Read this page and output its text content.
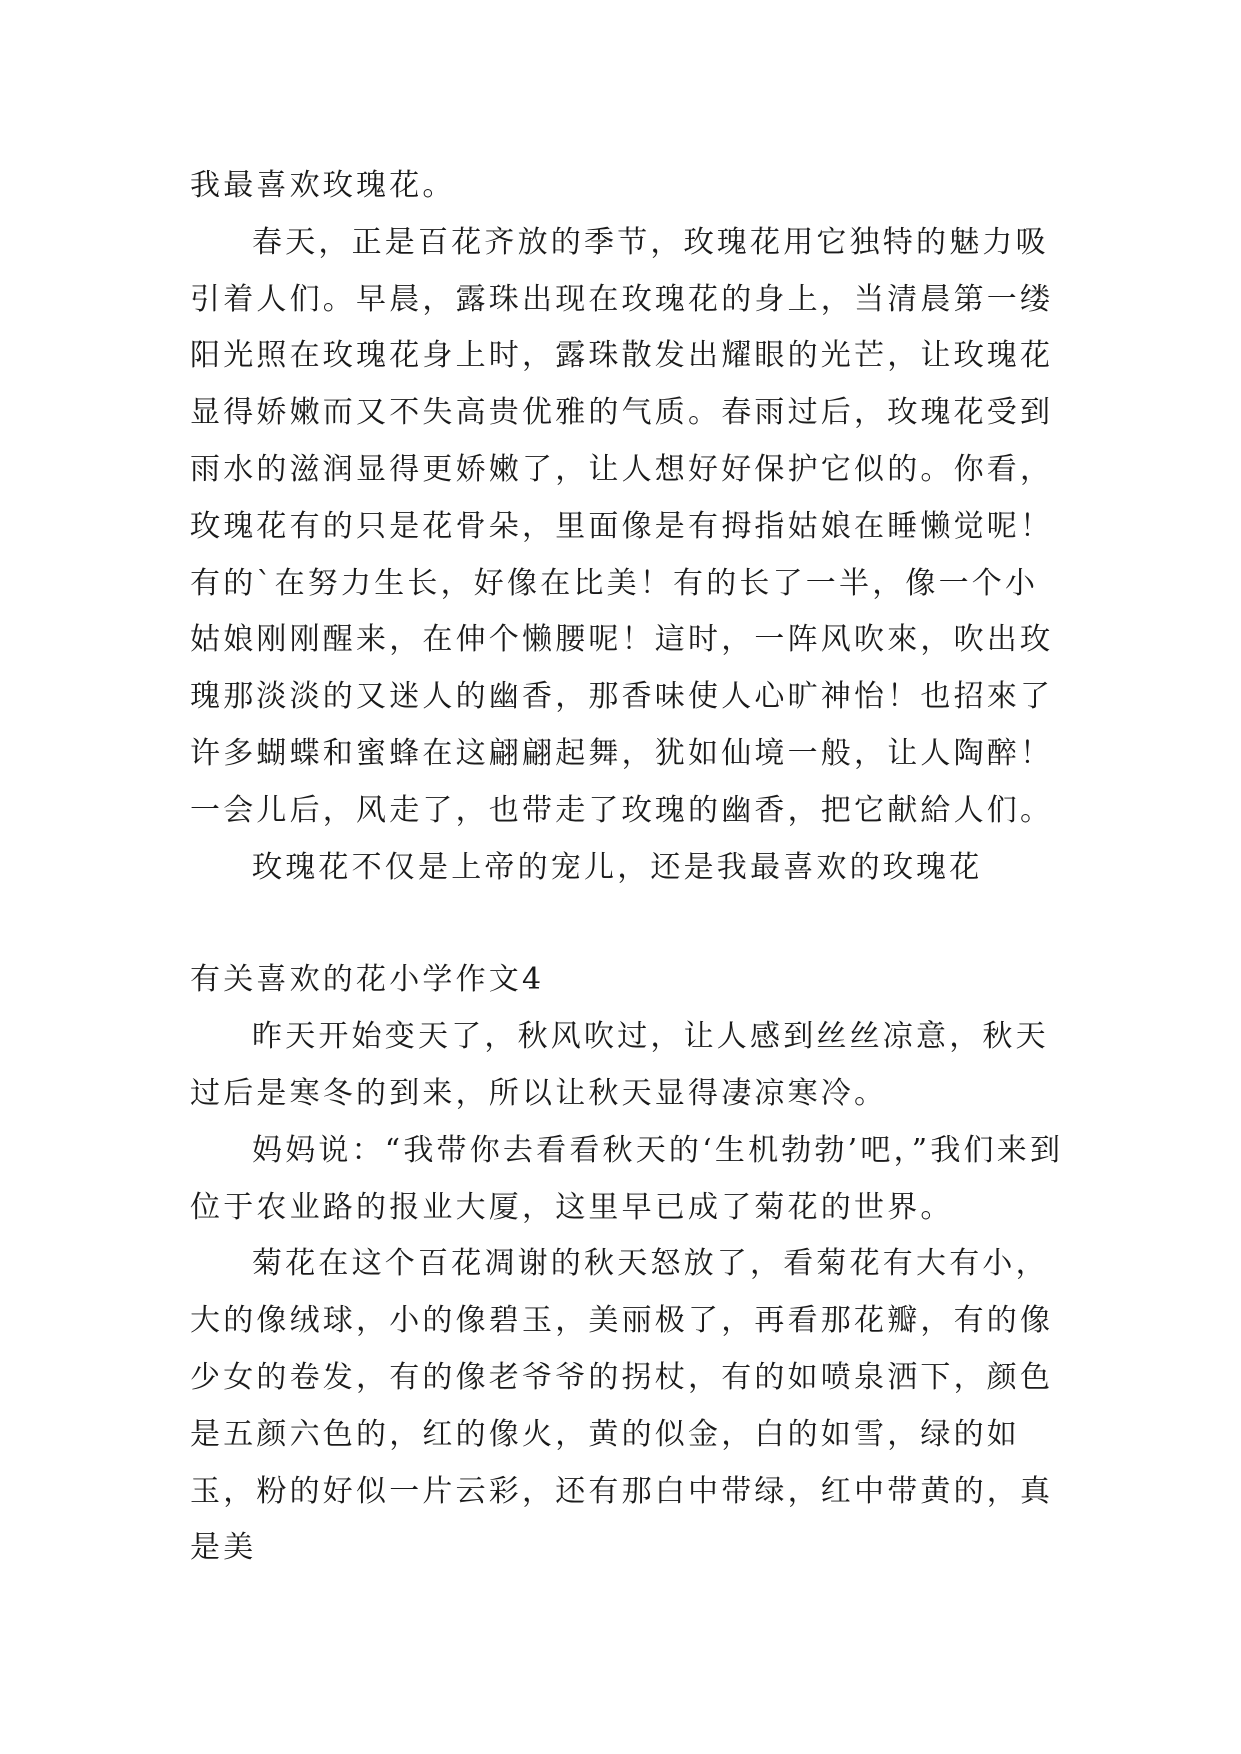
我最喜欢玫瑰花。

春天，正是百花齐放的季节，玫瑰花用它独特的魅力吸引着人们。早晨，露珠出现在玫瑰花的身上，当清晨第一缕阳光照在玫瑰花身上时，露珠散发出耀眼的光芒，让玫瑰花显得娇嫩而又不失高贵优雅的气质。春雨过后，玫瑰花受到雨水的滋润显得更娇嫩了，让人想好好保护它似的。你看，玫瑰花有的只是花骨朵，里面像是有拇指姑娘在睡懒觉呢！有的`在努力生长，好像在比美！有的长了一半，像一个小姑娘刚刚醒来，在伸个懒腰呢！這时，一阵风吹來，吹出玫瑰那淡淡的又迷人的幽香，那香味使人心旷神怡！也招來了许多蝴蝶和蜜蜂在这翩翩起舞，犹如仙境一般，让人陶醉！一会儿后，风走了，也带走了玫瑰的幽香，把它献給人们。

玫瑰花不仅是上帝的宠儿，还是我最喜欢的玫瑰花

有关喜欢的花小学作文4

昨天开始变天了，秋风吹过，让人感到丝丝凉意，秋天过后是寒冬的到来，所以让秋天显得凄凉寒冷。

妈妈说：“我带你去看看秋天的‘生机勃勃’吧，”我们来到位于农业路的报业大厦，这里早已成了菊花的世界。

菊花在这个百花凋谢的秋天怒放了，看菊花有大有小，大的像绒球，小的像碧玉，美丽极了，再看那花瓣，有的像少女的卷发，有的像老爷爷的拐杖，有的如喷泉洒下，颜色是五颜六色的，红的像火，黄的似金，白的如雪，绿的如玉，粉的好似一片云彩，还有那白中带绿，红中带黄的，真是美
